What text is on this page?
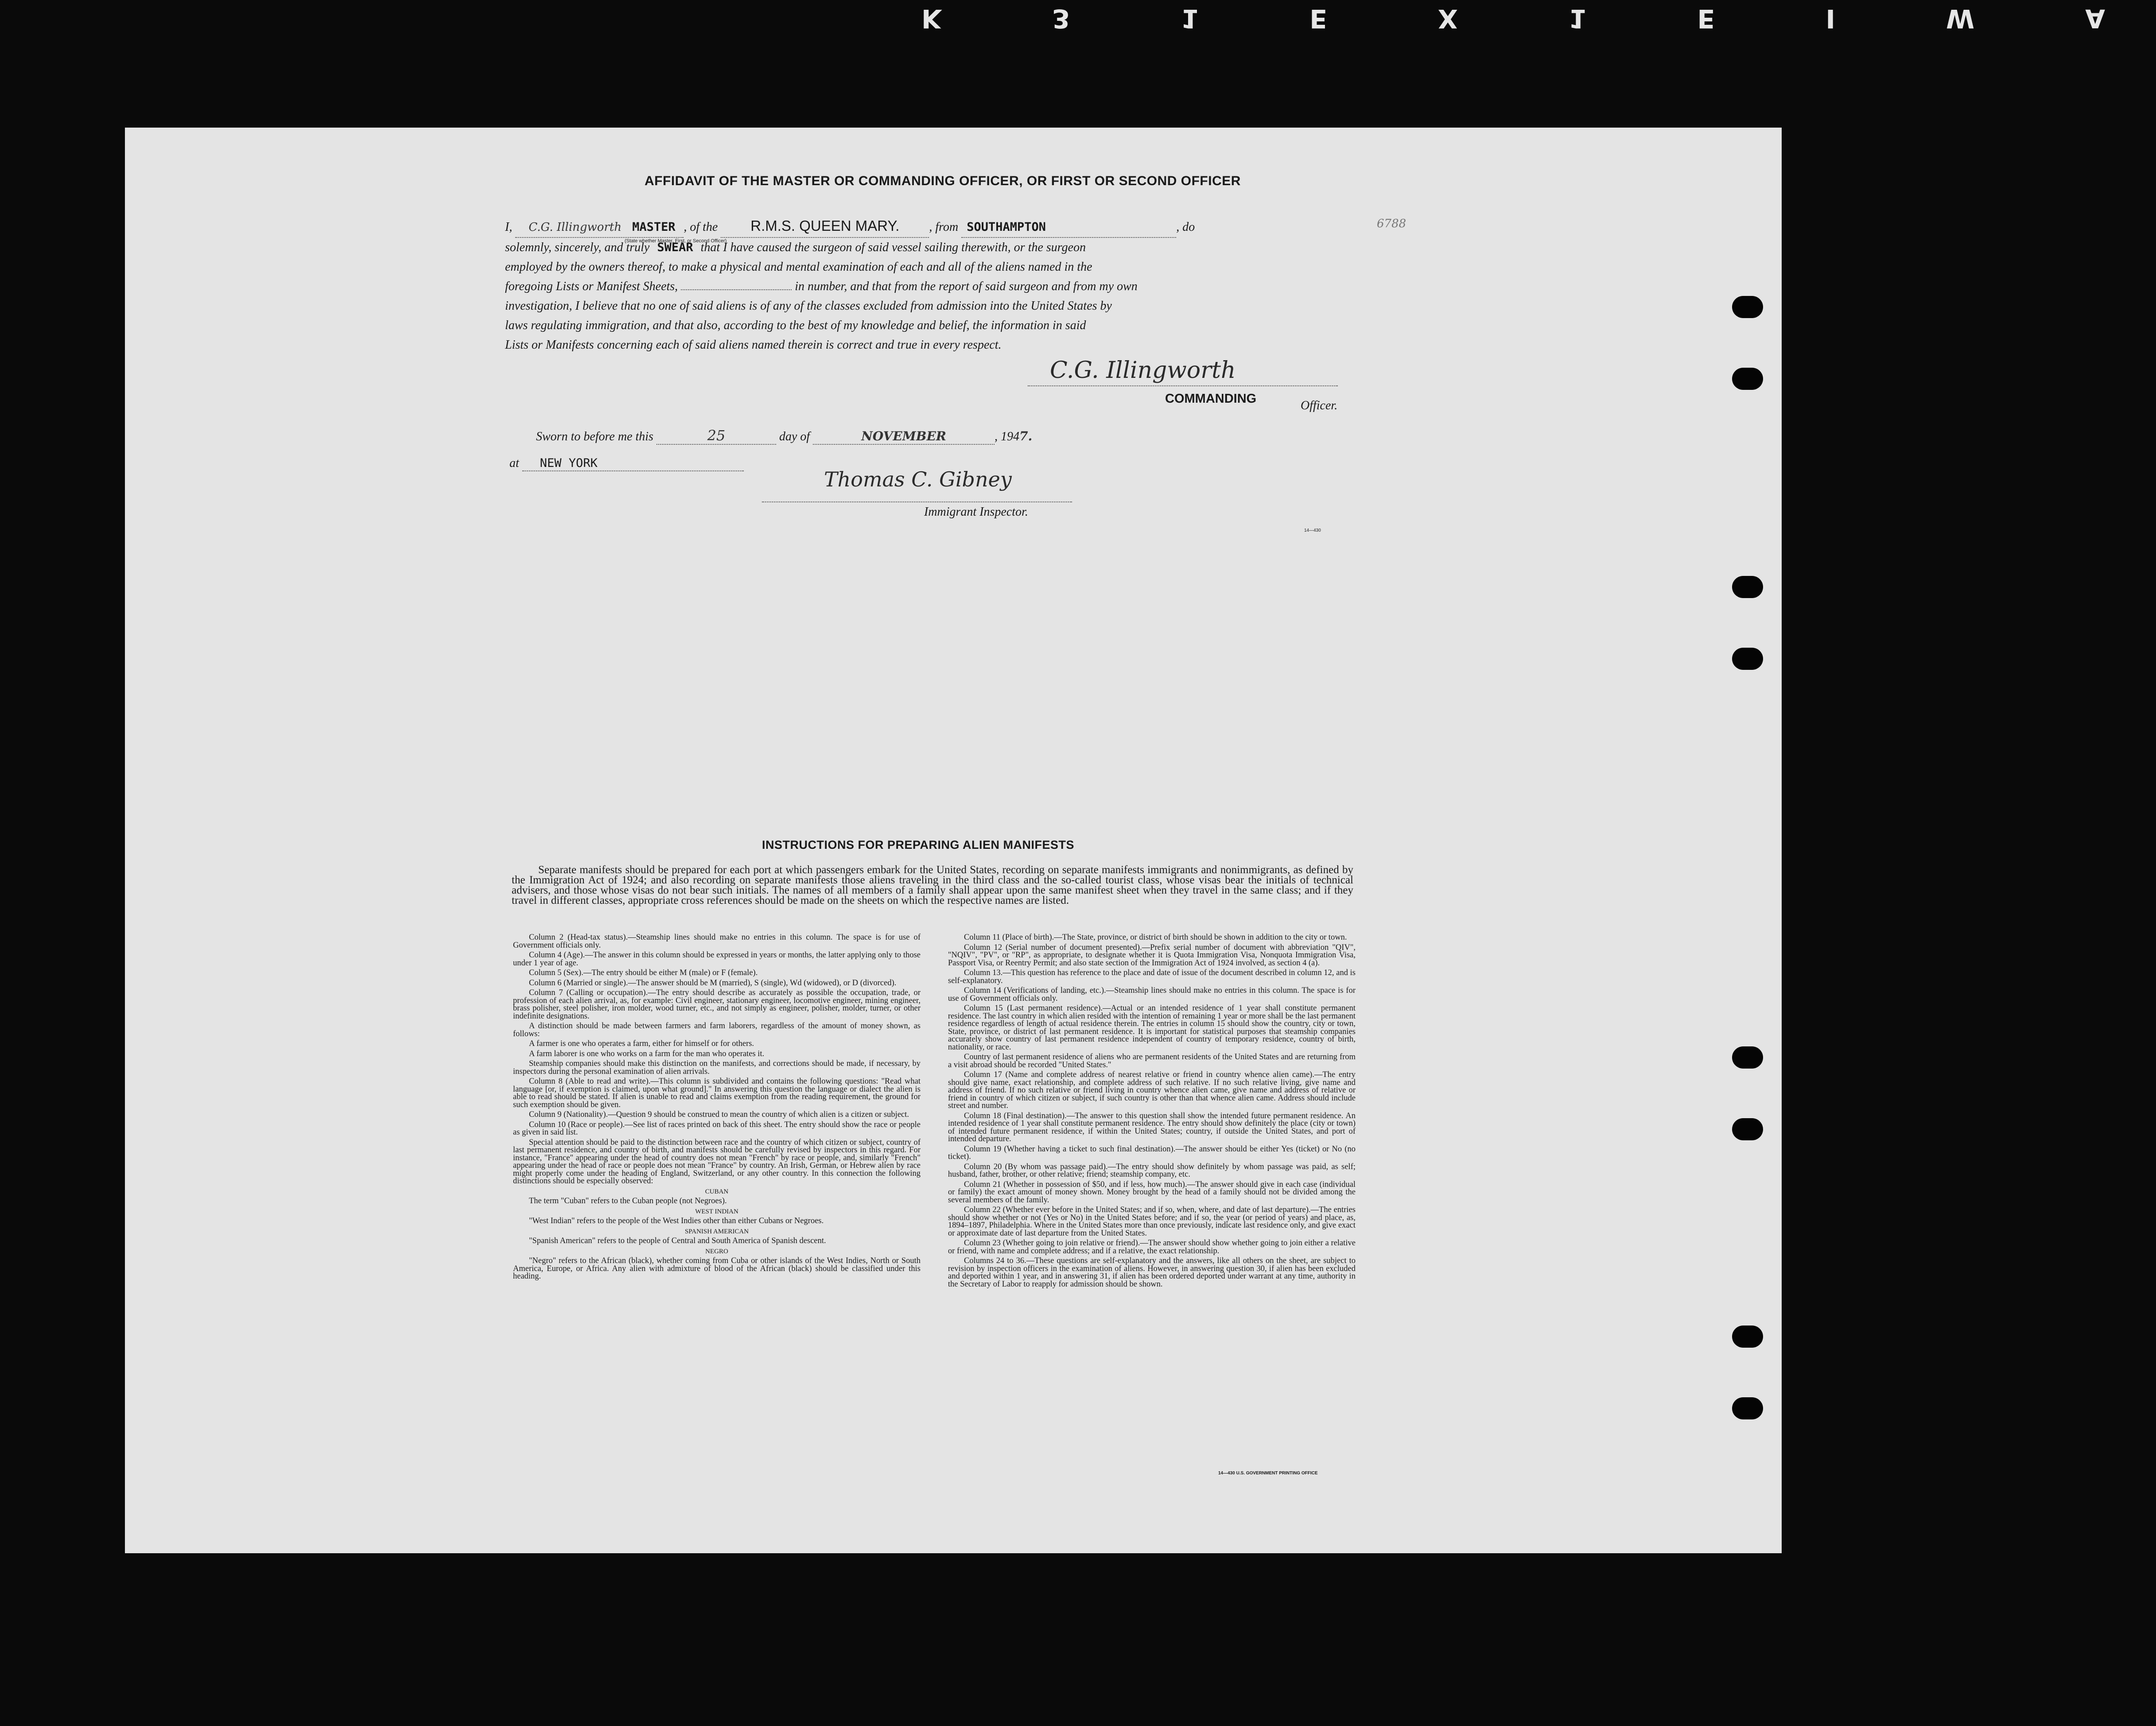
K 3 1 E X 1 E I W A
AFFIDAVIT OF THE MASTER OR COMMANDING OFFICER, OR FIRST OR SECOND OFFICER
6788
I, C.G. Illingworth MASTER , of the R.M.S. QUEEN MARY. , from SOUTHAMPTON	, do
solemnly, sincerely, and truly SWEAR that I have caused the surgeon of said vessel sailing therewith, or the surgeon
employed by the owners thereof, to make a physical and mental examination of each and all of the aliens named in the
foregoing Lists or Manifest Sheets,	in number, and that from the report of said surgeon and from my own
investigation, I believe that no one of said aliens is of any of the classes excluded from admission into the United States by
laws regulating immigration, and that also, according to the best of my knowledge and belief, the information in said
Lists or Manifests concerning each of said aliens named therein is correct and true in every respect.
(State whether Master, First, or Second Officer)
C.G. Illingworth
COMMANDING	Officer.
Sworn to before me this	25	day of	NOVEMBER	, 1947.
at NEW YORK
Thomas C. Gibney
Immigrant Inspector.
14—430
INSTRUCTIONS FOR PREPARING ALIEN MANIFESTS
Separate manifests should be prepared for each port at which passengers embark for the United States, recording on separate manifests immigrants and nonimmigrants, as defined by the Immigration Act of 1924; and also recording on separate manifests those aliens traveling in the third class and the so-called tourist class, whose visas bear the initials of technical advisers, and those whose visas do not bear such initials. The names of all members of a family shall appear upon the same manifest sheet when they travel in the same class; and if they travel in different classes, appropriate cross references should be made on the sheets on which the respective names are listed.

Column 2 (Head-tax status).—Steamship lines should make no entries in this column. The space is for use of Government officials only.

Column 4 (Age).—The answer in this column should be expressed in years or months, the latter applying only to those under 1 year of age.

Column 5 (Sex).—The entry should be either M (male) or F (female).

Column 6 (Married or single).—The answer should be M (married), S (single), Wd (widowed), or D (divorced).

Column 7 (Calling or occupation).—The entry should describe as accurately as possible the occupation, trade, or profession of each alien arrival, as, for example: Civil engineer, stationary engineer, locomotive engineer, mining engineer, brass polisher, steel polisher, iron molder, wood turner, etc., and not simply as engineer, polisher, molder, turner, or other indefinite designations.

A distinction should be made between farmers and farm laborers, regardless of the amount of money shown, as follows:

A farmer is one who operates a farm, either for himself or for others.

A farm laborer is one who works on a farm for the man who operates it.

Steamship companies should make this distinction on the manifests, and corrections should be made, if necessary, by inspectors during the personal examination of alien arrivals.

Column 8 (Able to read and write).—This column is subdivided and contains the following questions: "Read what language [or, if exemption is claimed, upon what ground]." In answering this question the language or dialect the alien is able to read should be stated. If alien is unable to read and claims exemption from the reading requirement, the ground for such exemption should be given.

Column 9 (Nationality).—Question 9 should be construed to mean the country of which alien is a citizen or subject.

Column 10 (Race or people).—See list of races printed on back of this sheet. The entry should show the race or people as given in said list.

Special attention should be paid to the distinction between race and the country of which citizen or subject, country of last permanent residence, and country of birth, and manifests should be carefully revised by inspectors in this regard. For instance, "France" appearing under the head of country does not mean "French" by race or people, and, similarly "French" appearing under the head of race or people does not mean "France" by country. An Irish, German, or Hebrew alien by race might properly come under the heading of England, Switzerland, or any other country. In this connection the following distinctions should be especially observed:

CUBAN

The term "Cuban" refers to the Cuban people (not Negroes).

WEST INDIAN

"West Indian" refers to the people of the West Indies other than either Cubans or Negroes.

SPANISH AMERICAN

"Spanish American" refers to the people of Central and South America of Spanish descent.

NEGRO

"Negro" refers to the African (black), whether coming from Cuba or other islands of the West Indies, North or South America, Europe, or Africa. Any alien with admixture of blood of the African (black) should be classified under this heading.

Column 11 (Place of birth).—The State, province, or district of birth should be shown in addition to the city or town.

Column 12 (Serial number of document presented).—Prefix serial number of document with abbreviation "QIV", "NQIV", "PV", or "RP", as appropriate, to designate whether it is Quota Immigration Visa, Nonquota Immigration Visa, Passport Visa, or Reentry Permit; and also state section of the Immigration Act of 1924 involved, as section 4 (a).

Column 13.—This question has reference to the place and date of issue of the document described in column 12, and is self-explanatory.

Column 14 (Verifications of landing, etc.).—Steamship lines should make no entries in this column. The space is for use of Government officials only.

Column 15 (Last permanent residence).—Actual or an intended residence of 1 year shall constitute permanent residence. The last country in which alien resided with the intention of remaining 1 year or more shall be the last permanent residence regardless of length of actual residence therein. The entries in column 15 should show the country, city or town, State, province, or district of last permanent residence. It is important for statistical purposes that steamship companies accurately show country of last permanent residence independent of country of temporary residence, country of birth, nationality, or race.

Country of last permanent residence of aliens who are permanent residents of the United States and are returning from a visit abroad should be recorded "United States."

Column 17 (Name and complete address of nearest relative or friend in country whence alien came).—The entry should give name, exact relationship, and complete address of such relative. If no such relative living, give name and address of friend. If no such relative or friend living in country whence alien came, give name and address of relative or friend in country of which citizen or subject, if such country is other than that whence alien came. Address should include street and number.

Column 18 (Final destination).—The answer to this question shall show the intended future permanent residence. An intended residence of 1 year shall constitute permanent residence. The entry should show definitely the place (city or town) of intended future permanent residence, if within the United States; country, if outside the United States, and port of intended departure.

Column 19 (Whether having a ticket to such final destination).—The answer should be either Yes (ticket) or No (no ticket).

Column 20 (By whom was passage paid).—The entry should show definitely by whom passage was paid, as self; husband, father, brother, or other relative; friend; steamship company, etc.

Column 21 (Whether in possession of $50, and if less, how much).—The answer should give in each case (individual or family) the exact amount of money shown. Money brought by the head of a family should not be divided among the several members of the family.

Column 22 (Whether ever before in the United States; and if so, when, where, and date of last departure).—The entries should show whether or not (Yes or No) in the United States before; and if so, the year (or period of years) and place, as, 1894–1897, Philadelphia. Where in the United States more than once previously, indicate last residence only, and give exact or approximate date of last departure from the United States.

Column 23 (Whether going to join relative or friend).—The answer should show whether going to join either a relative or friend, with name and complete address; and if a relative, the exact relationship.

Columns 24 to 36.—These questions are self-explanatory and the answers, like all others on the sheet, are subject to revision by inspection officers in the examination of aliens. However, in answering question 30, if alien has been excluded and deported within 1 year, and in answering 31, if alien has been ordered deported under warrant at any time, authority in the Secretary of Labor to reapply for admission should be shown.

14—430 U.S. GOVERNMENT PRINTING OFFICE
